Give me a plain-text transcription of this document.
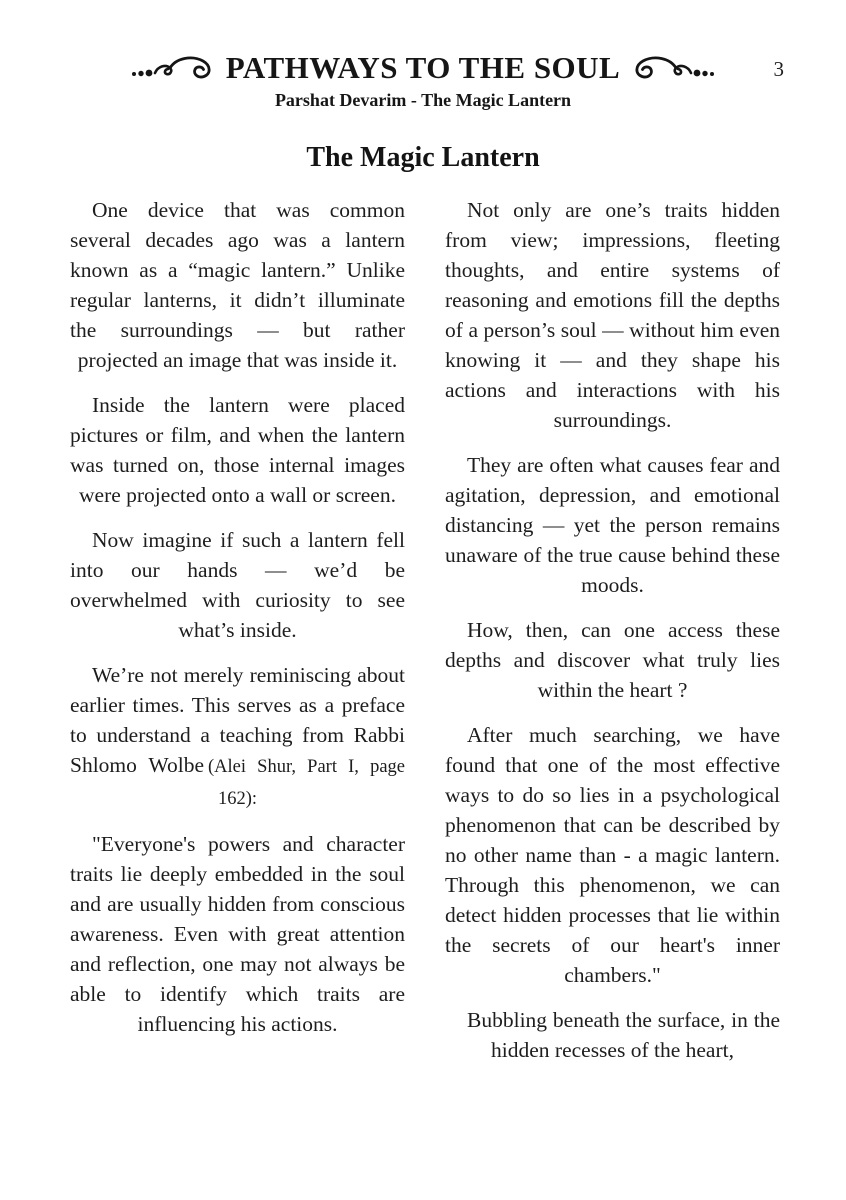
3
PATHWAYS TO THE SOUL
Parshat Devarim - The Magic Lantern
The Magic Lantern

One device that was common several decades ago was a lantern known as a “magic lantern.” Unlike regular lanterns, it didn’t illuminate the surroundings — but rather projected an image that was inside it.

Inside the lantern were placed pictures or film, and when the lantern was turned on, those internal images were projected onto a wall or screen.

Now imagine if such a lantern fell into our hands — we’d be overwhelmed with curiosity to see what’s inside.

We’re not merely reminiscing about earlier times. This serves as a preface to understand a teaching from Rabbi Shlomo Wolbe (Alei Shur, Part I, page 162):

"Everyone's powers and character traits lie deeply embedded in the soul and are usually hidden from conscious awareness. Even with great attention and reflection, one may not always be able to identify which traits are influencing his actions.

Not only are one’s traits hidden from view; impressions, fleeting thoughts, and entire systems of reasoning and emotions fill the depths of a person’s soul — without him even knowing it — and they shape his actions and interactions with his surroundings.

They are often what causes fear and agitation, depression, and emotional distancing — yet the person remains unaware of the true cause behind these moods.

How, then, can one access these depths and discover what truly lies within the heart ?

After much searching, we have found that one of the most effective ways to do so lies in a psychological phenomenon that can be described by no other name than - a magic lantern. Through this phenomenon, we can detect hidden processes that lie within the secrets of our heart's inner chambers."

Bubbling beneath the surface, in the hidden recesses of the heart,
